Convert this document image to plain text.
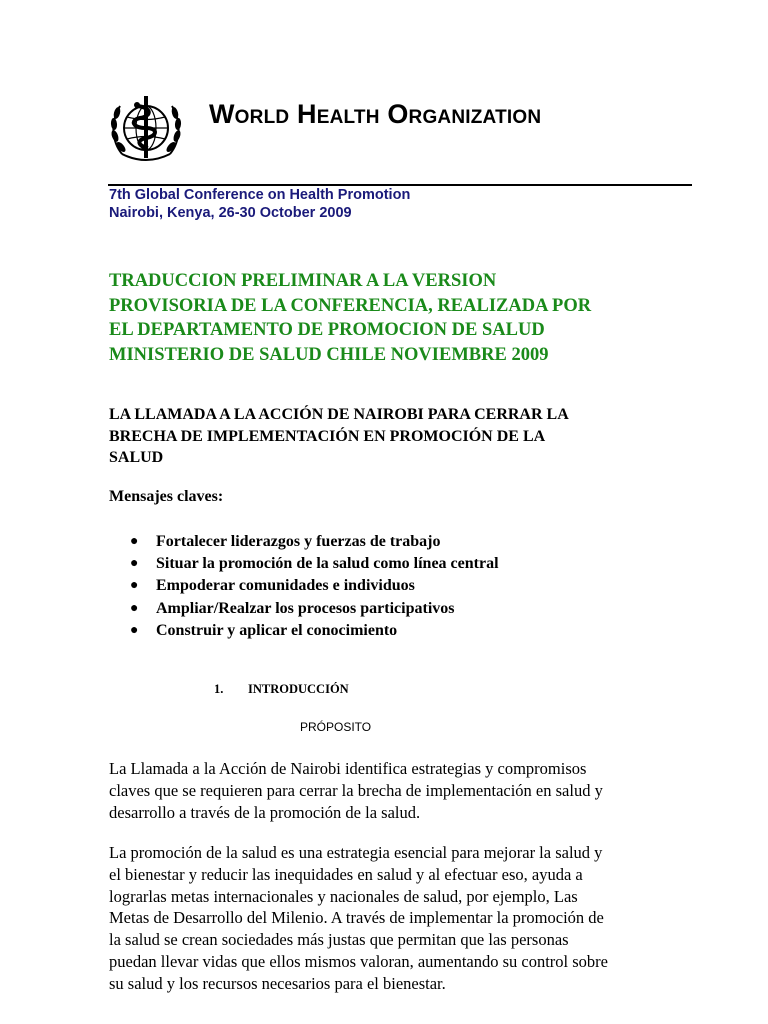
World Health Organization
7th Global Conference on Health Promotion
Nairobi, Kenya, 26-30 October 2009
TRADUCCION PRELIMINAR A LA VERSION
PROVISORIA DE LA CONFERENCIA, REALIZADA POR
EL DEPARTAMENTO DE PROMOCION DE SALUD
MINISTERIO DE SALUD CHILE NOVIEMBRE 2009
LA LLAMADA A LA ACCIÓN DE NAIROBI PARA CERRAR LA
BRECHA DE IMPLEMENTACIÓN EN PROMOCIÓN DE LA
SALUD
Mensajes claves:
● Fortalecer liderazgos y fuerzas de trabajo
● Situar la promoción de la salud como línea central
● Empoderar comunidades e individuos
● Ampliar/Realzar los procesos participativos
● Construir y aplicar el conocimiento
1. INTRODUCCIÓN
PRÓPOSITO
La Llamada a la Acción de Nairobi identifica estrategias y compromisos
claves que se requieren para cerrar la brecha de implementación en salud y
desarrollo a través de la promoción de la salud.
La promoción de la salud es una estrategia esencial para mejorar la salud y
el bienestar y reducir las inequidades en salud y al efectuar eso, ayuda a
lograrlas metas internacionales y nacionales de salud, por ejemplo, Las
Metas de Desarrollo del Milenio. A través de implementar la promoción de
la salud se crean sociedades más justas que permitan que las personas
puedan llevar vidas que ellos mismos valoran, aumentando su control sobre
su salud y los recursos necesarios para el bienestar.
